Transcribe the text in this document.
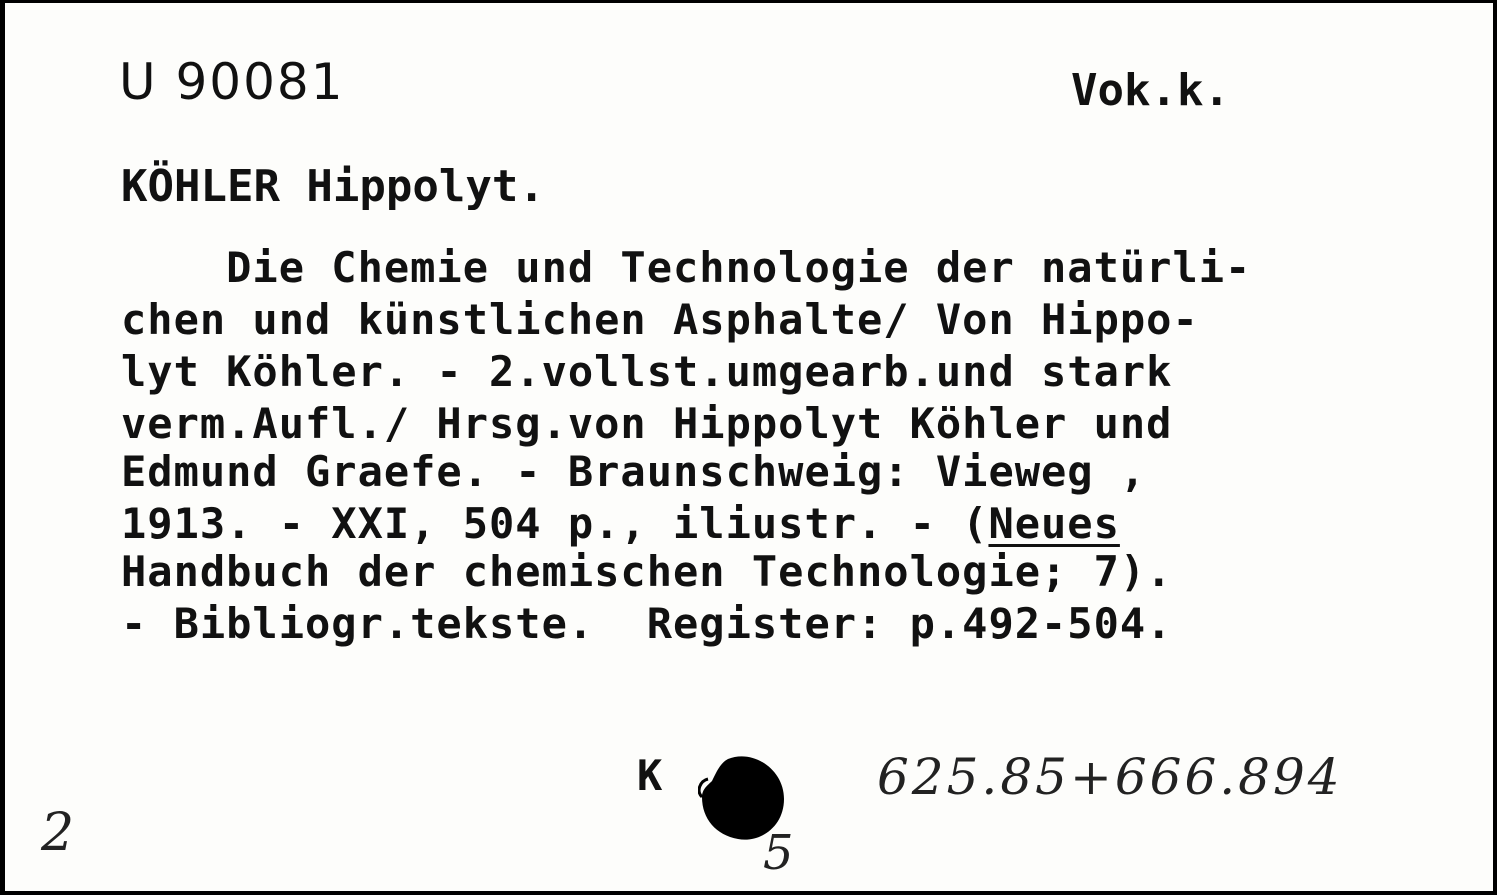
U 90081	Vok.k.
KÖHLER Hippolyt.
Die Chemie und Technologie der natürli-
chen und künstlichen Asphalte/ Von Hippo-
lyt Köhler. - 2.vollst.umgearb.und stark
verm.Aufl./ Hrsg.von Hippolyt Köhler und
Edmund Graefe. - Braunschweig: Vieweg ,
1913. - XXI, 504 p., iliustr. - (Neues
Handbuch der chemischen Technologie; 7).
- Bibliogr.tekste.  Register: p.492-504.
K	625.85+666.894
2	5
